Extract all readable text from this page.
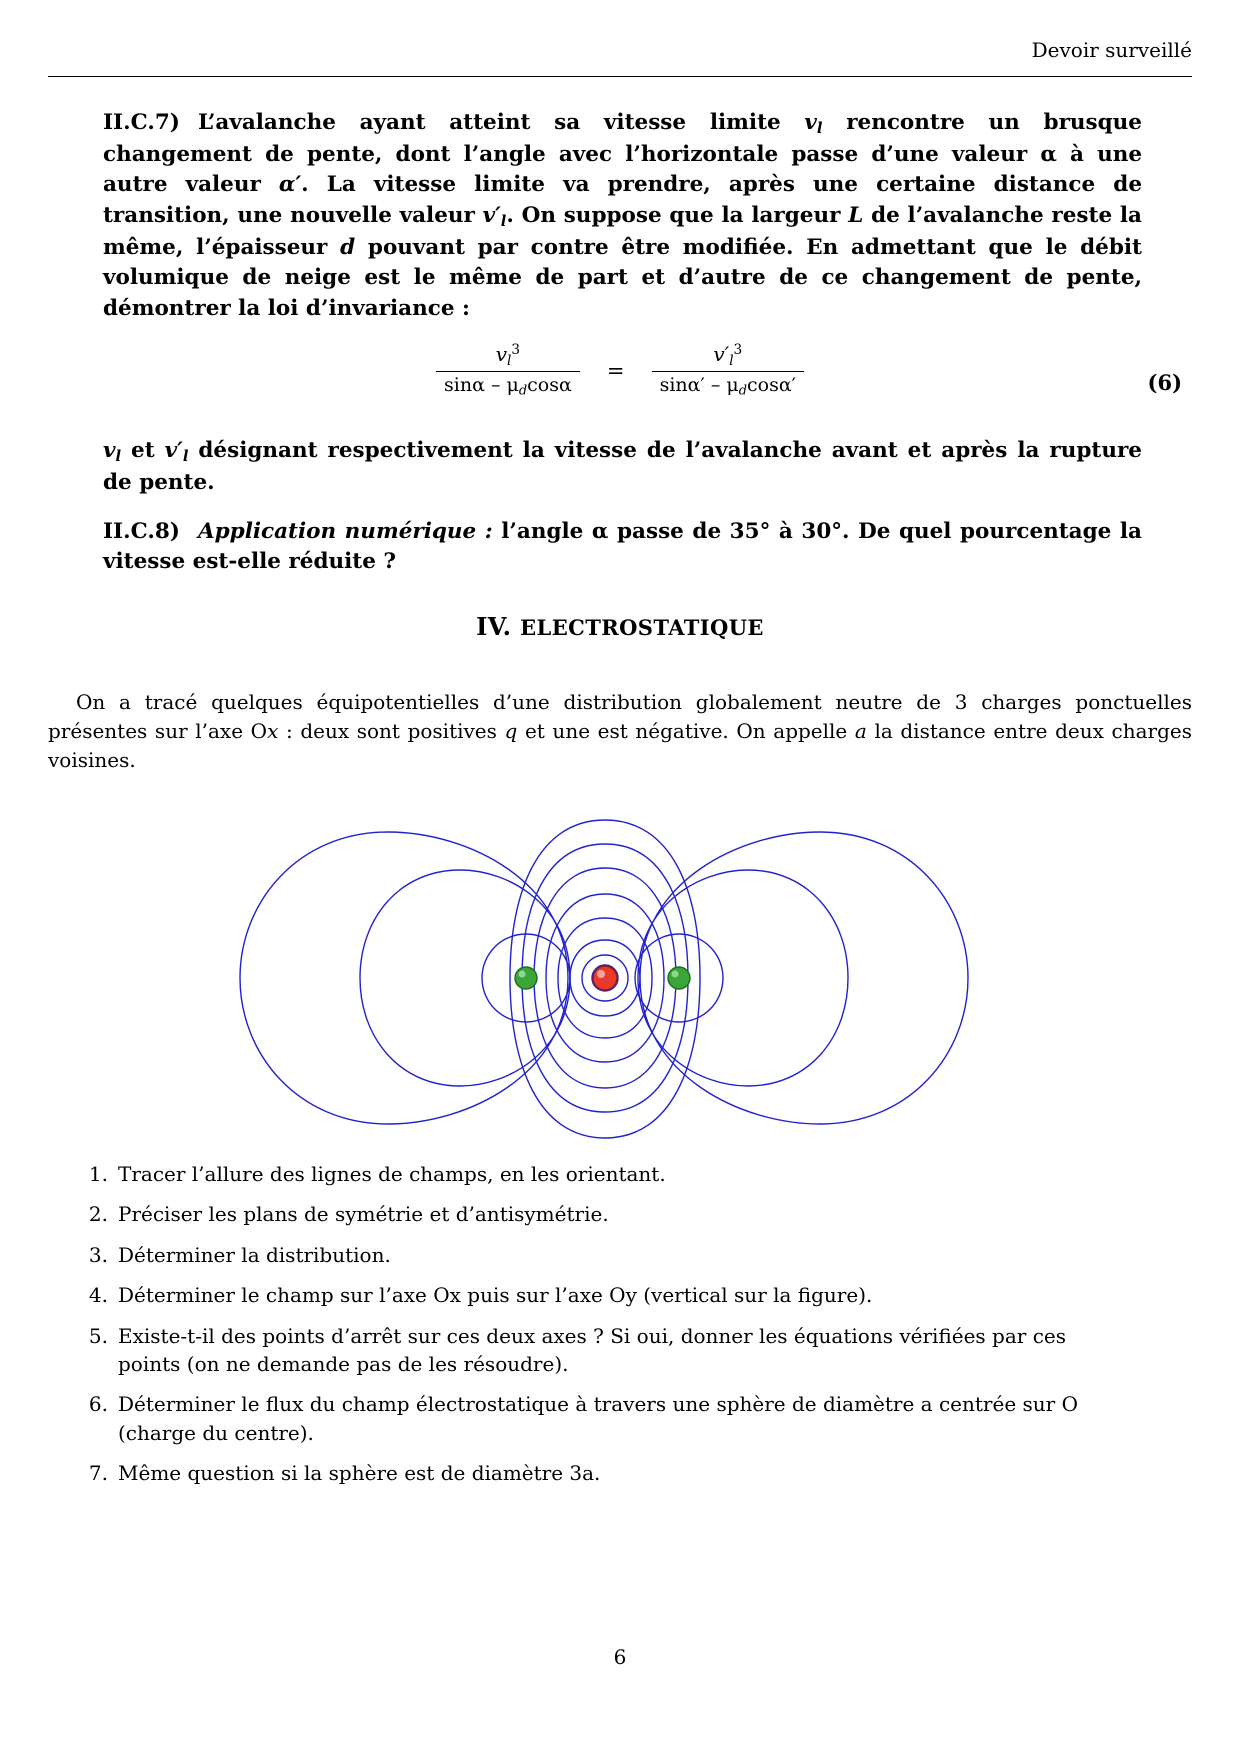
Devoir surveillé

II.C.7) L’avalanche ayant atteint sa vitesse limite $v_l$ rencontre un brusque changement de pente, dont l’angle avec l’horizontale passe d’une valeur α à une autre valeur α′. La vitesse limite va prendre, après une certaine distance de transition, une nouvelle valeur $v'_l$. On suppose que la largeur L de l’avalanche reste la même, l’épaisseur d pouvant par contre être modifiée. En admettant que le débit volumique de neige est le même de part et d’autre de ce changement de pente, démontrer la loi d’invariance :

$\frac{v_l^3}{\sin\alpha - \mu_d\cos\alpha} = \frac{v'_l^3}{\sin\alpha' - \mu_d\cos\alpha'}$	(6)

$v_l$ et $v'_l$ désignant respectivement la vitesse de l’avalanche avant et après la rupture de pente.

II.C.8) Application numérique : l’angle α passe de 35° à 30°. De quel pourcentage la vitesse est-elle réduite ?

IV. ELECTROSTATIQUE

On a tracé quelques équipotentielles d’une distribution globalement neutre de 3 charges ponctuelles présentes sur l’axe Ox : deux sont positives q et une est négative. On appelle a la distance entre deux charges voisines.

1. Tracer l’allure des lignes de champs, en les orientant.
2. Préciser les plans de symétrie et d’antisymétrie.
3. Déterminer la distribution.
4. Déterminer le champ sur l’axe Ox puis sur l’axe Oy (vertical sur la figure).
5. Existe-t-il des points d’arrêt sur ces deux axes ? Si oui, donner les équations vérifiées par ces points (on ne demande pas de les résoudre).
6. Déterminer le flux du champ électrostatique à travers une sphère de diamètre a centrée sur O (charge du centre).
7. Même question si la sphère est de diamètre 3a.
6
